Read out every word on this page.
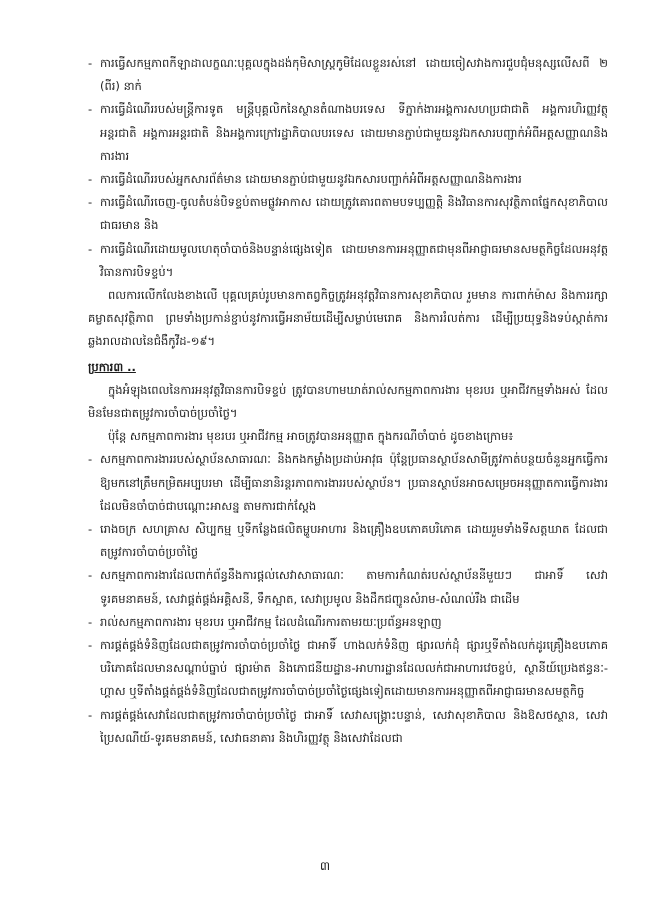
- ការធ្វើសកម្មភាពកីឡាដាលក្ខណៈបុគ្គលក្នុងដង់កុមិសាស្ត្រកូមិដែលខ្លួនរស់នៅ ដោយចៀសវាងការជួបជុំមនុស្សលើសពី ២ (ពីរ) នាក់
- ការធ្វើដំណើររបស់មន្ត្រីការទូត មន្ត្រីបុគ្គលិកនៃស្ថានតំណាងបរទេស ទីភ្នាក់ងារអង្គការសហប្រជាជាតិ អង្គការហិរញ្ញវត្ថុអន្តរជាតិ អង្គការអន្តរជាតិ និងអង្គការក្រៅរដ្ឋាភិបាលបរទេស ដោយមានភ្ជាប់ជាមួយនូវឯកសារបញ្ជាក់អំពីអត្តសញ្ញាណនិងការងារ
- ការធ្វើដំណើររបស់អ្នកសារព័ត៌មាន ដោយមានភ្ជាប់ជាមួយនូវឯកសារបញ្ជាក់អំពីអត្តសញ្ញាណនិងការងារ
- ការធ្វើដំណើរចេញ-ចូលតំបន់បិទខ្ទប់តាមផ្លូវអាកាស ដោយត្រូវគោរពតាមបទប្បញ្ញត្តិ និងវិធានការសុវត្ថិភាពផ្នែកសុខាភិបាលជាធរមាន និង
- ការធ្វើដំណើរដោយមូលហេតុចាំបាច់និងបន្ទាន់ផ្សេងទៀត ដោយមានការអនុញ្ញាតជាមុនពីអាជ្ញាធរមានសមត្ថកិច្ចដែលអនុវត្តវិធានការបិទខ្ទប់។
ពលការលើកលែងខាងលើ បុគ្គលគ្រប់រូបមានកាតព្វកិច្ចត្រូវអនុវត្តវិធានការសុខាភិបាល រួមមាន ការពាក់ម៉ាស និងការរក្សាគម្លាតសុវត្ថិភាព ព្រមទាំងប្រកាន់ខ្ជាប់នូវការធ្វើអនាម័យដើម្បីសម្លាប់មេរោគ និងការរំលត់ការ ដើម្បីប្រយុទ្ធនិងទប់ស្កាត់ការឆ្លងរាលដាលនៃជំងឺកូវីដ-១៩។
ប្រការ៣ ..
ក្នុងអំឡុងពេលនៃការអនុវត្តវិធានការបិទខ្ទប់ ត្រូវបានហាមឃាត់រាល់សកម្មភាពការងារ មុខរបរ ឬអាជីវកម្មទាំងអស់ ដែលមិនមែនជាតម្រូវការចាំបាច់ប្រចាំថ្ងៃ។
ប៉ុន្តែ សកម្មភាពការងារ មុខរបរ ឬអាជីវកម្ម អាចត្រូវបានអនុញ្ញាត ក្នុងករណីចាំបាច់ ដូចខាងក្រោម៖
- សកម្មភាពការងាររបស់ស្ថាប័នសាធារណៈ និងកងកម្លាំងប្រដាប់អាវុធ ប៉ុន្តែប្រធានស្ថាប័នសាមីត្រូវកាត់បន្ថយចំនួនអ្នកធ្វើការឱ្យមកនៅត្រឹមកម្រិតអប្បបរមា ដើម្បីធានានិរន្តរភាពការងាររបស់ស្ថាប័ន។ ប្រធានស្ថាប័នអាចសម្រេចអនុញ្ញាតការធ្វើការងារដែលមិនចាំបាច់ជាបណ្តោះអាសន្ន តាមការជាក់ស្តែង
- រោងចក្រ សហគ្រាស សិប្បកម្ម ឬទីកន្លែងផលិតម្ហូបអាហារ និងគ្រឿងឧបភោគបរិភោគ ដោយរួមទាំងទីសត្តឃាត ដែលជាតម្រូវការចាំបាច់ប្រចាំថ្ងៃ
- សកម្មភាពការងារដែលពាក់ព័ន្ធនឹងការផ្តល់សេវាសាធារណៈ តាមការកំណត់របស់ស្ថាប័ននីមួយៗ ជាអាទិ៍ សេវាទូរគមនាគមន៍, សេវាផ្គត់ផ្គង់អគ្គិសនី, ទឹកស្អាត, សេវាប្រមូល និងដឹកជញ្ជូនសំរាម-សំណល់រឹង ជាដើម
- រាល់សកម្មភាពការងារ មុខរបរ ឬអាជីវកម្ម ដែលដំណើរការតាមរយៈប្រព័ន្ធអនឡាញ
- ការផ្គត់ផ្គង់ទំនិញដែលជាតម្រូវការចាំបាច់ប្រចាំថ្ងៃ ជាអាទិ៍ ហាងលក់ទំនិញ ផ្សារលក់ដុំ ផ្សារឬទីតាំងលក់ដូរគ្រឿងឧបភោគបរិភោគដែលមានសណ្តាប់ធ្នាប់ ផ្សារម៉ាត និងភោជនីយដ្ឋាន-អាហារដ្ឋានដែលលក់ជាអាហារវេចខ្ចប់, ស្ថានីយ៍ប្រេងឥន្ធនៈ-ហ្គាស ឬទីតាំងផ្គត់ផ្គង់ទំនិញដែលជាតម្រូវការចាំបាច់ប្រចាំថ្ងៃផ្សេងទៀតដោយមានការអនុញ្ញាតពីអាជ្ញាធរមានសមត្ថកិច្ច
- ការផ្គត់ផ្គង់សេវាដែលជាតម្រូវការចាំបាច់ប្រចាំថ្ងៃ ជាអាទិ៍ សេវាសង្គ្រោះបន្ទាន់, សេវាសុខាភិបាល និងឱសថស្ថាន, សេវាប្រៃសណីយ៍-ទូរគមនាគមន៍, សេវាធនាគារ និងហិរញ្ញវត្ថុ និងសេវាដែលជា
៣
